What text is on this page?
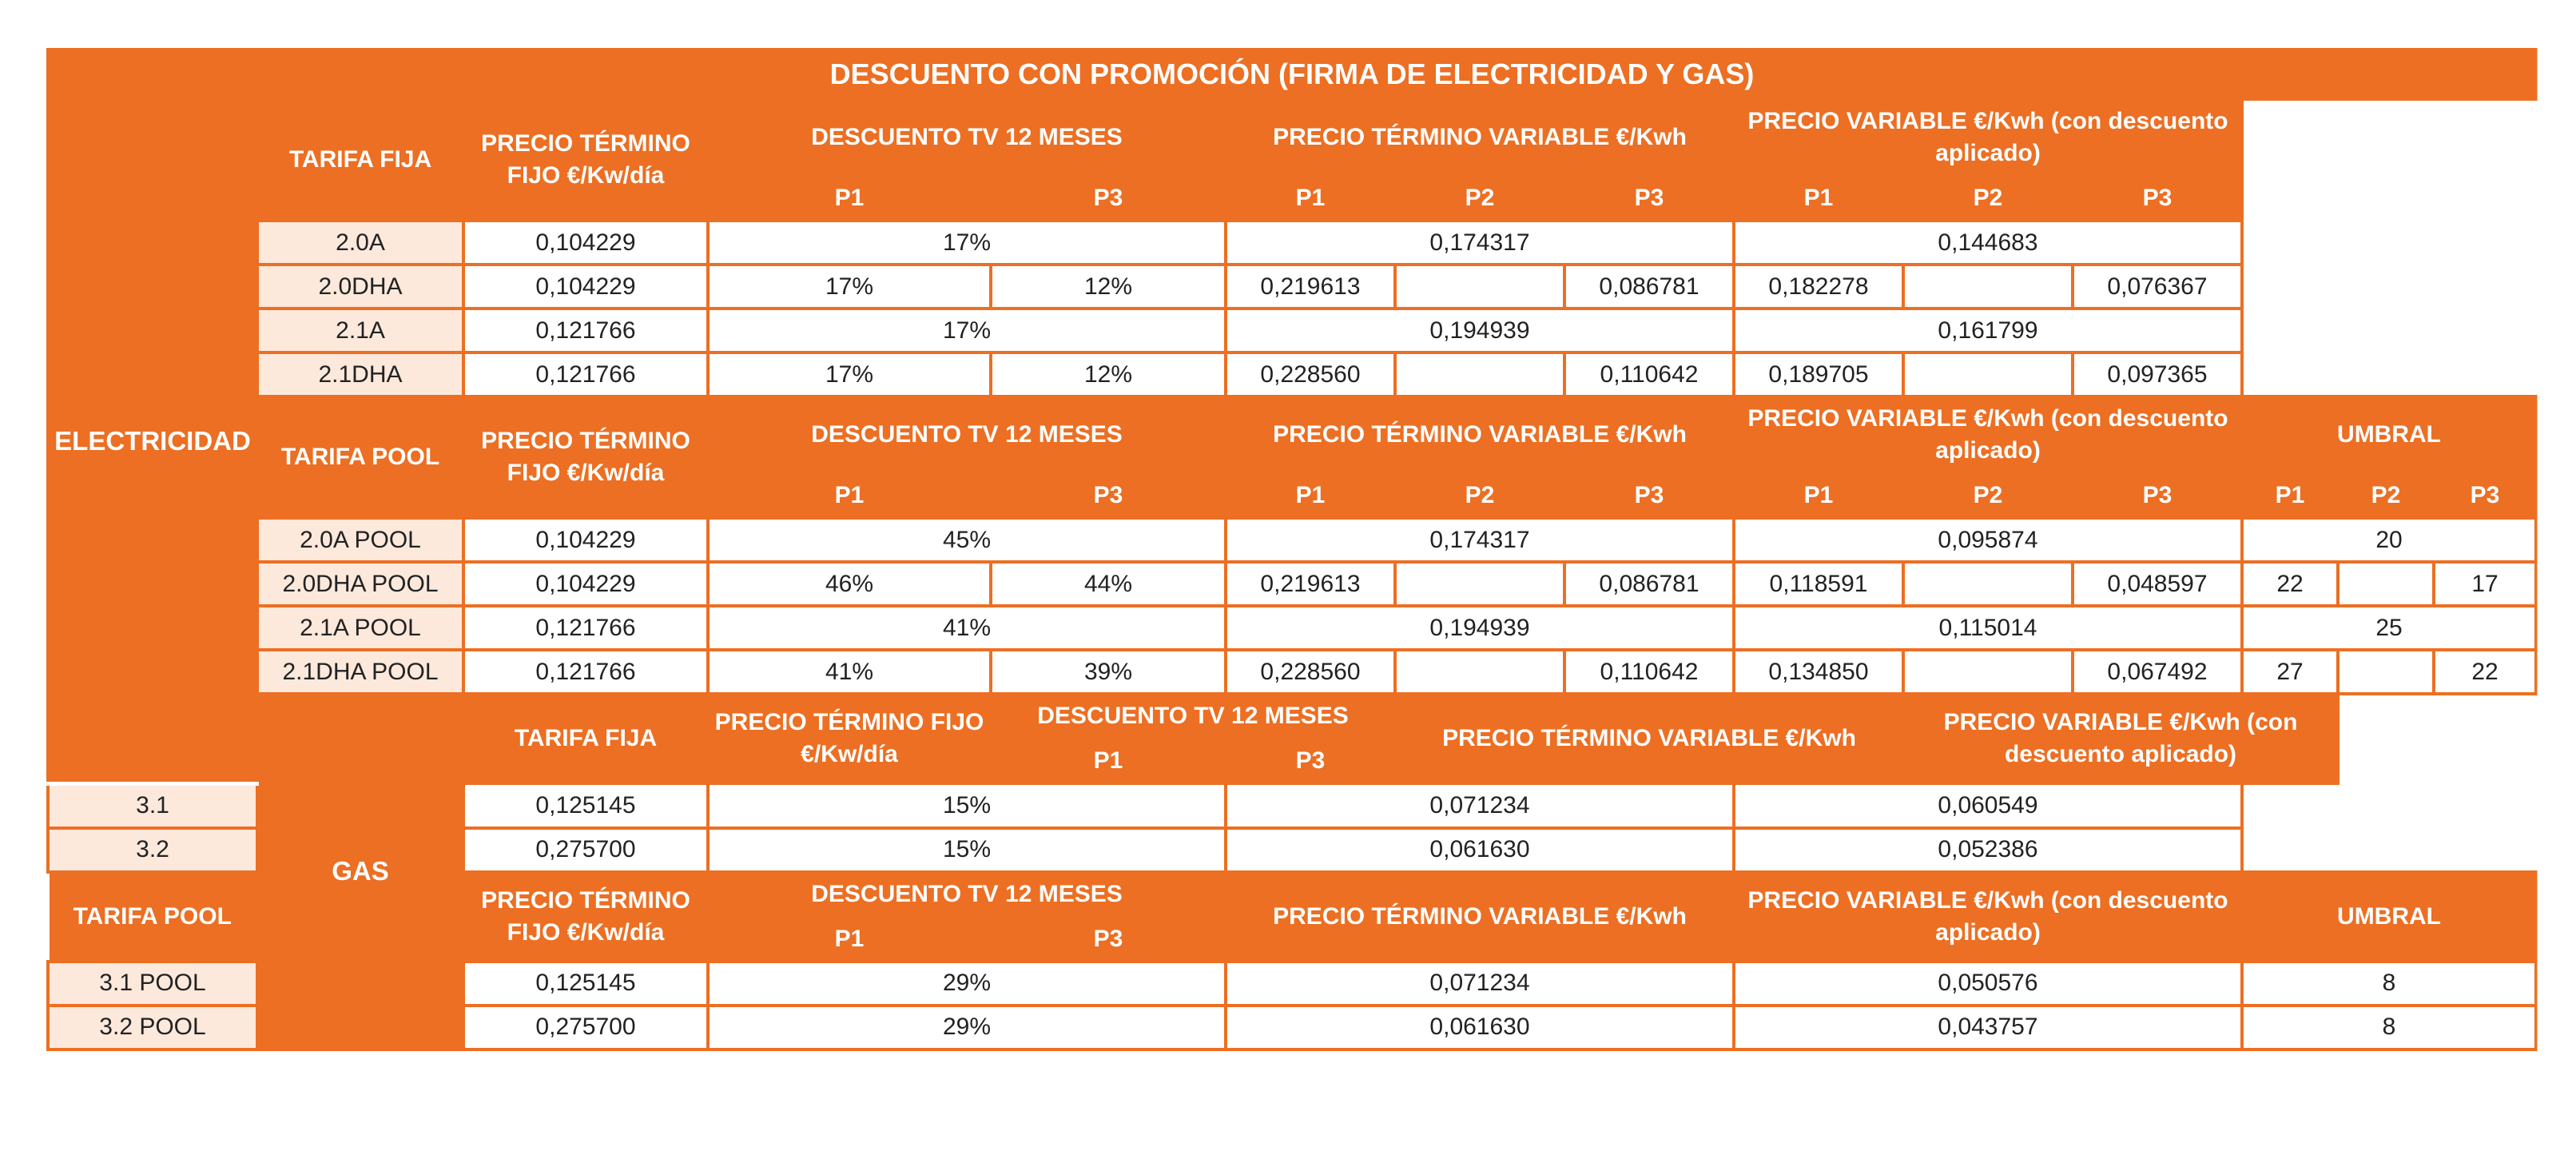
DESCUENTO CON PROMOCIÓN (FIRMA DE ELECTRICIDAD Y GAS)													
ELECTRICIDAD	TARIFA FIJA	PRECIO TÉRMINO FIJO €/Kw/día	DESCUENTO TV 12 MESES		PRECIO TÉRMINO VARIABLE €/Kwh			PRECIO VARIABLE €/Kwh (con descuento aplicado)					
			P1	P3	P1	P2	P3	P1	P2	P3			
	2.0A	0,104229	17%		0,174317			0,144683					
	2.0DHA	0,104229	17%	12%	0,219613		0,086781	0,182278		0,076367			
	2.1A	0,121766	17%		0,194939			0,161799					
	2.1DHA	0,121766	17%	12%	0,228560		0,110642	0,189705		0,097365			
	TARIFA POOL	PRECIO TÉRMINO FIJO €/Kw/día	DESCUENTO TV 12 MESES		PRECIO TÉRMINO VARIABLE €/Kwh			PRECIO VARIABLE €/Kwh (con descuento aplicado)			UMBRAL		
			P1	P3	P1	P2	P3	P1	P2	P3	P1	P2	P3
	2.0A POOL	0,104229	45%		0,174317			0,095874			20		
	2.0DHA POOL	0,104229	46%	44%	0,219613		0,086781	0,118591		0,048597	22		17
	2.1A POOL	0,121766	41%		0,194939			0,115014			25		
	2.1DHA POOL	0,121766	41%	39%	0,228560		0,110642	0,134850		0,067492	27		22
	GAS	TARIFA FIJA	PRECIO TÉRMINO FIJO €/Kw/día	DESCUENTO TV 12 MESES		PRECIO TÉRMINO VARIABLE €/Kwh			PRECIO VARIABLE €/Kwh (con descuento aplicado)				
				P1	P3								
3.1		0,125145	15%		0,071234			0,060549					
3.2		0,275700	15%		0,061630			0,052386					
TARIFA POOL		PRECIO TÉRMINO FIJO €/Kw/día	DESCUENTO TV 12 MESES		PRECIO TÉRMINO VARIABLE €/Kwh			PRECIO VARIABLE €/Kwh (con descuento aplicado)			UMBRAL		
			P1	P3									
3.1 POOL		0,125145	29%		0,071234			0,050576			8		
3.2 POOL		0,275700	29%		0,061630			0,043757			8		
